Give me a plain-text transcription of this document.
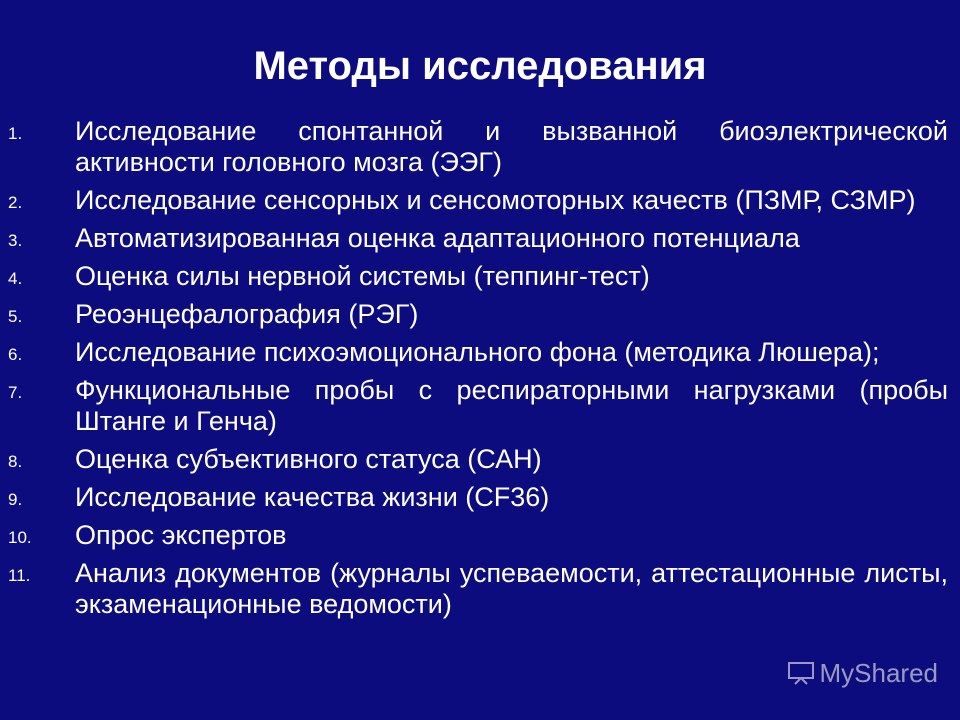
Методы исследования
1. Исследование спонтанной и вызванной биоэлектрической активности головного мозга (ЭЭГ)
2. Исследование сенсорных и сенсомоторных качеств (ПЗМР, СЗМР)
3. Автоматизированная оценка адаптационного потенциала
4. Оценка силы нервной системы (теппинг-тест)
5. Реоэнцефалография (РЭГ)
6. Исследование психоэмоционального фона (методика Люшера);
7. Функциональные пробы с респираторными нагрузками (пробы Штанге и Генча)
8. Оценка субъективного статуса (САН)
9. Исследование качества жизни (CF36)
10. Опрос экспертов
11. Анализ документов (журналы успеваемости, аттестационные листы, экзаменационные ведомости)
MyShared
